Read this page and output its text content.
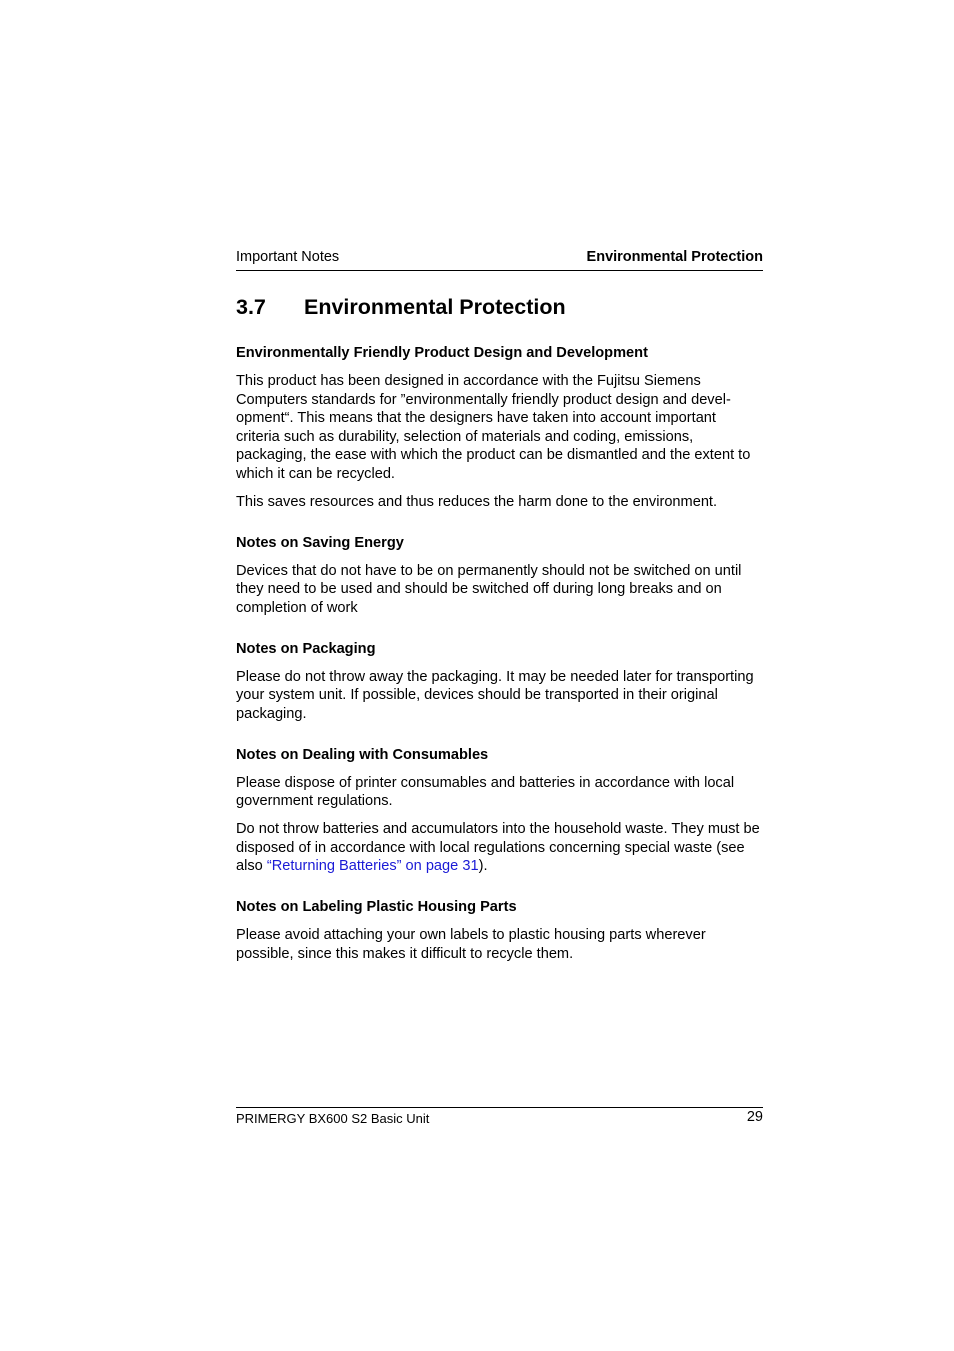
Important Notes	Environmental Protection
3.7 Environmental Protection
Environmentally Friendly Product Design and Development

This product has been designed in accordance with the Fujitsu Siemens Computers standards for ”environmentally friendly product design and devel-opment“. This means that the designers have taken into account important criteria such as durability, selection of materials and coding, emissions, packaging, the ease with which the product can be dismantled and the extent to which it can be recycled.

This saves resources and thus reduces the harm done to the environment.

Notes on Saving Energy

Devices that do not have to be on permanently should not be switched on until they need to be used and should be switched off during long breaks and on completion of work

Notes on Packaging

Please do not throw away the packaging. It may be needed later for transporting your system unit. If possible, devices should be transported in their original packaging.

Notes on Dealing with Consumables

Please dispose of printer consumables and batteries in accordance with local government regulations.

Do not throw batteries and accumulators into the household waste. They must be disposed of in accordance with local regulations concerning special waste (see also “Returning Batteries” on page 31).

Notes on Labeling Plastic Housing Parts

Please avoid attaching your own labels to plastic housing parts wherever possible, since this makes it difficult to recycle them.

PRIMERGY BX600 S2 Basic Unit	29
